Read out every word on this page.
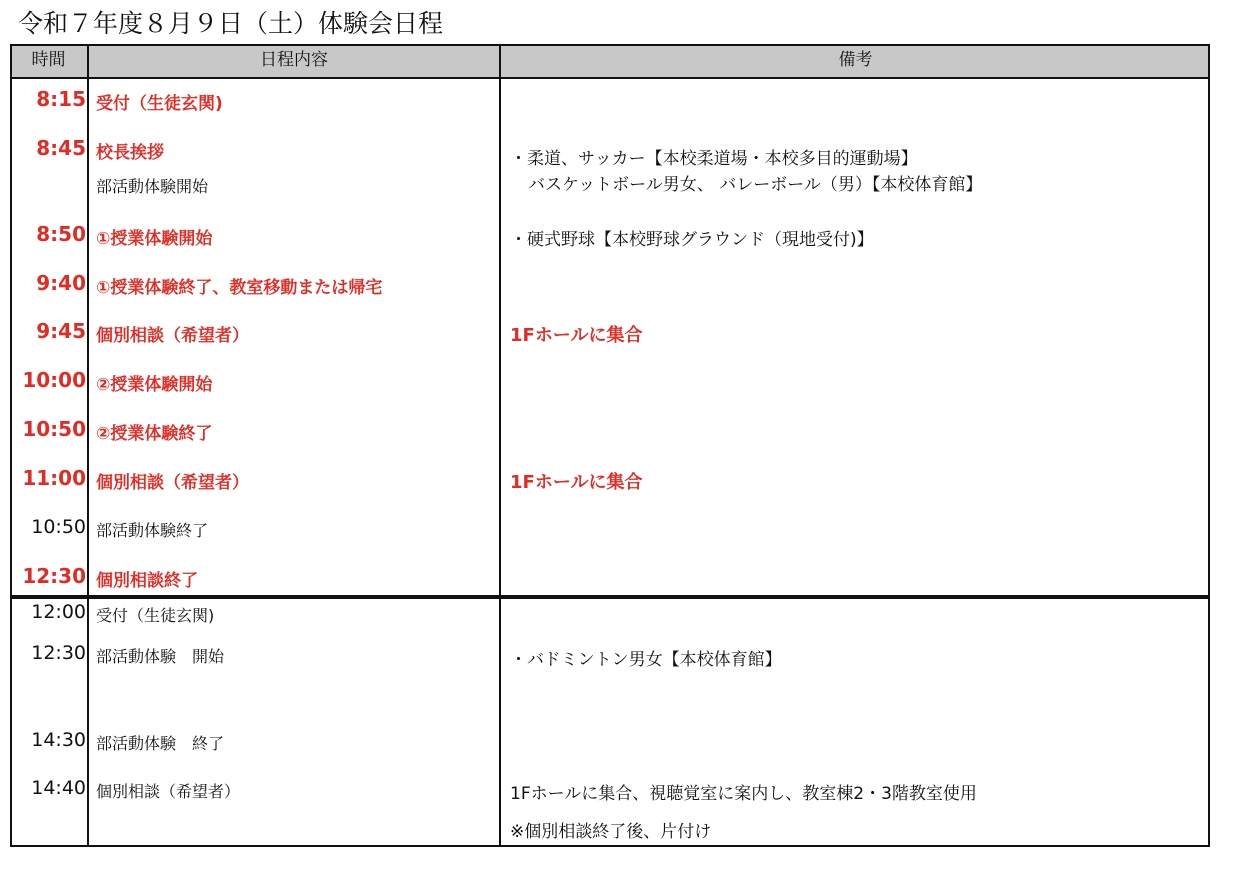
令和７年度８月９日（土）体験会日程
時間	日程内容	備考
8:15 受付（生徒玄関)
8:45 校長挨拶
部活動体験開始
8:50 ①授業体験開始
9:40 ①授業体験終了、教室移動または帰宅
9:45 個別相談（希望者）
10:00 ②授業体験開始
10:50 ②授業体験終了
11:00 個別相談（希望者）
10:50 部活動体験終了
12:30 個別相談終了
・柔道、サッカー【本校柔道場・本校多目的運動場】
バスケットボール男女、 バレーボール（男）【本校体育館】
・硬式野球【本校野球グラウンド（現地受付)】
1Fホールに集合
1Fホールに集合
12:00 受付（生徒玄関)
12:30 部活動体験　開始
14:30 部活動体験　終了
14:40 個別相談（希望者）
・バドミントン男女【本校体育館】
1Fホールに集合、視聴覚室に案内し、教室棟2・3階教室使用
※個別相談終了後、片付け
